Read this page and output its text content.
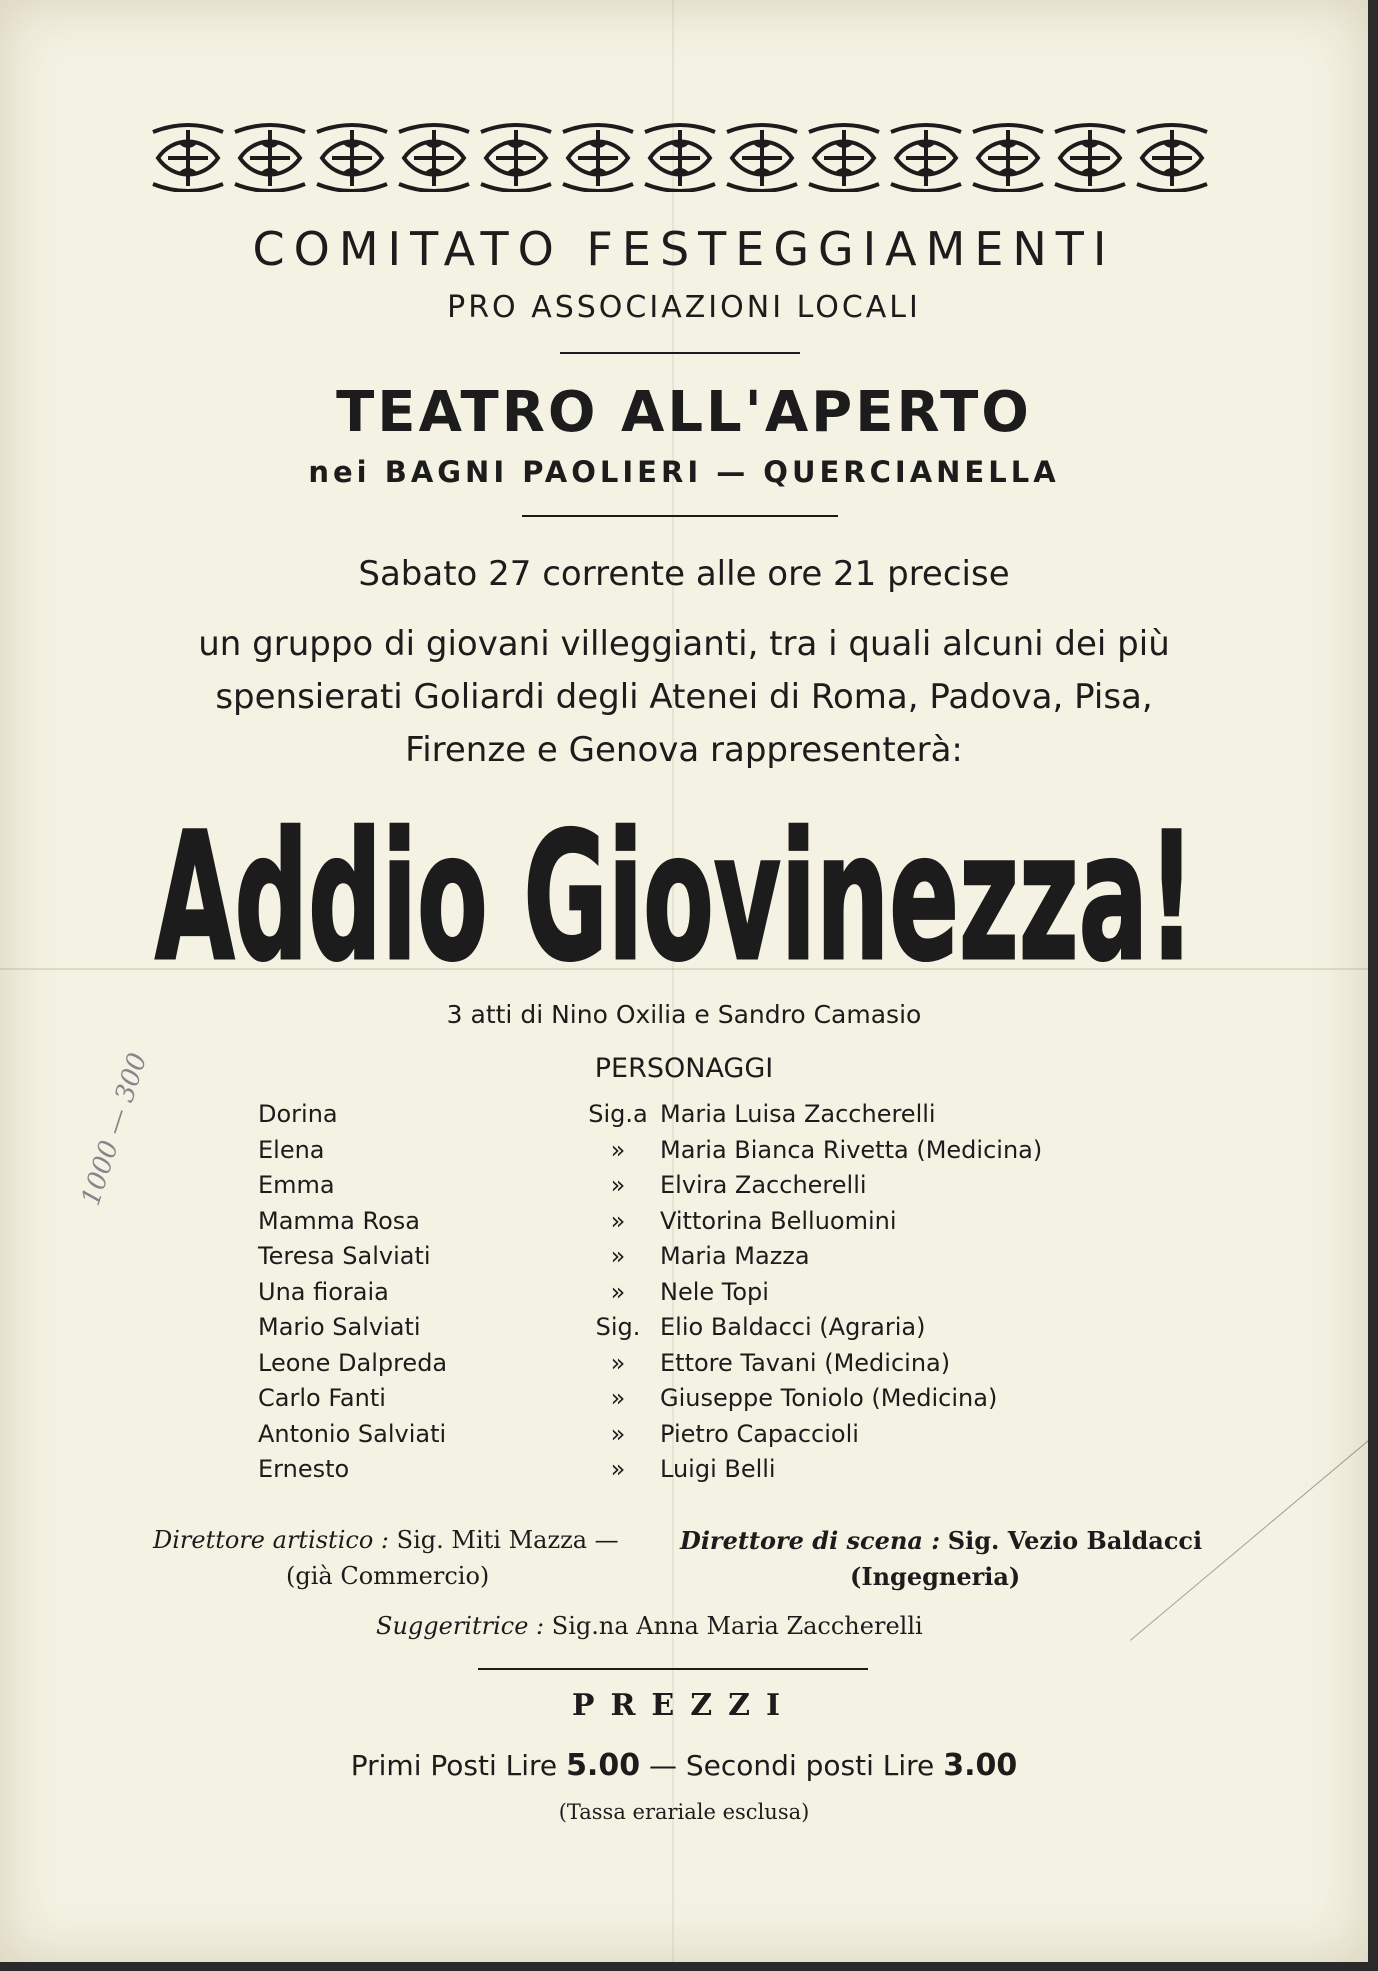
COMITATO FESTEGGIAMENTI
PRO ASSOCIAZIONI LOCALI
TEATRO ALL'APERTO
nei BAGNI PAOLIERI — QUERCIANELLA
Sabato 27 corrente alle ore 21 precise
un gruppo di giovani villeggianti, tra i quali alcuni dei più
spensierati Goliardi degli Atenei di Roma, Padova, Pisa,
Firenze e Genova rappresenterà:
Addio Giovinezza!
3 atti di Nino Oxilia e Sandro Camasio
PERSONAGGI
Dorina	Sig.a Maria Luisa Zaccherelli
Elena	»	Maria Bianca Rivetta (Medicina)
Emma	»	Elvira Zaccherelli
Mamma Rosa	»	Vittorina Belluomini
Teresa Salviati	»	Maria Mazza
Una fioraia	»	Nele Topi
Mario Salviati	Sig. Elio Baldacci (Agraria)
Leone Dalpreda	»	Ettore Tavani (Medicina)
Carlo Fanti	»	Giuseppe Toniolo (Medicina)
Antonio Salviati	»	Pietro Capaccioli
Ernesto	»	Luigi Belli
Direttore artistico : Sig. Miti Mazza —
(già Commercio)
Direttore di scena : Sig. Vezio Baldacci
(Ingegneria)
Suggeritrice : Sig.na Anna Maria Zaccherelli
PREZZI
Primi Posti Lire 5.00 — Secondi posti Lire 3.00
(Tassa erariale esclusa)
1000 — 300
